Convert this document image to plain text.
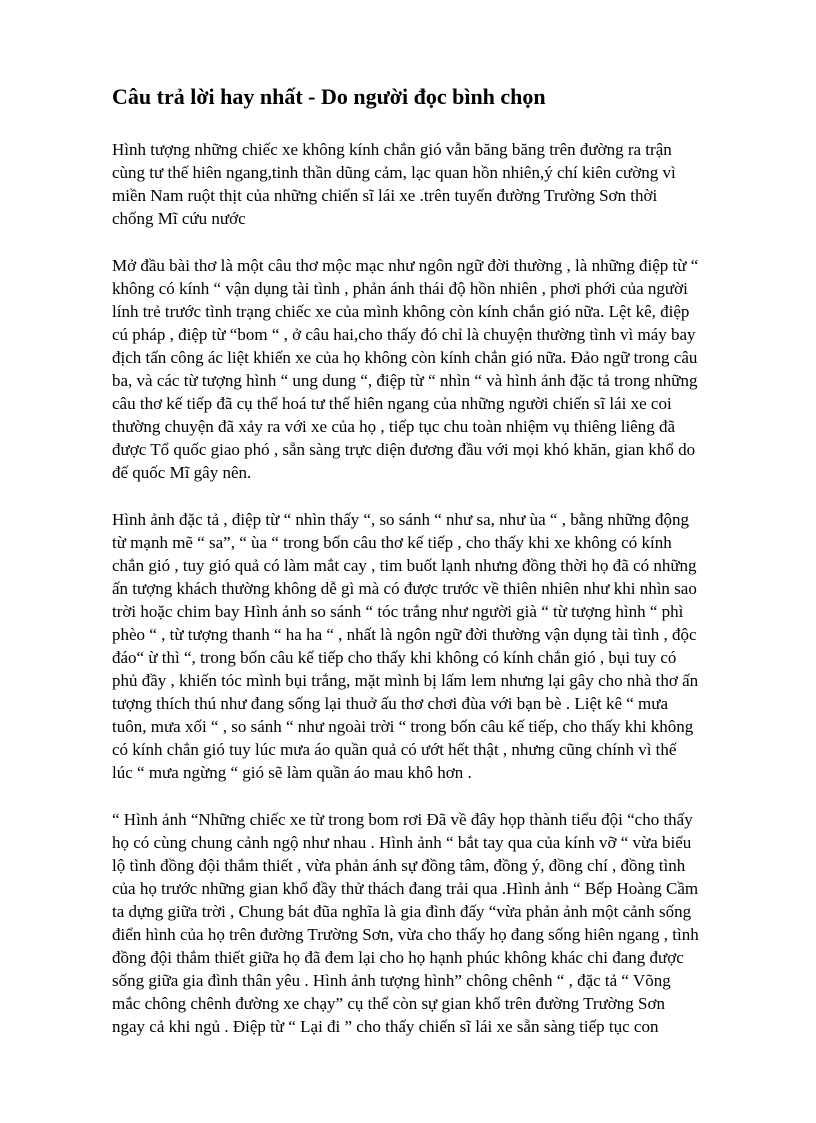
Câu trả lời hay nhất - Do người đọc bình chọn
Hình tượng những chiếc xe không kính chắn gió vẫn băng băng trên đường ra trận
cùng tư thế hiên ngang,tinh thần dũng cảm, lạc quan hồn nhiên,ý chí kiên cường vì
miền Nam ruột thịt của những chiến sĩ lái xe .trên tuyến đường Trường Sơn thời
chống Mĩ cứu nước
Mở đầu bài thơ là một câu thơ mộc mạc như ngôn ngữ đời thường , là những điệp từ “
không có kính “ vận dụng tài tình , phản ánh thái độ hồn nhiên , phơi phới của người
lính trẻ trước tình trạng chiếc xe của mình không còn kính chắn gió nữa. Lệt kê, điệp
cú pháp , điệp từ “bom “ , ở câu hai,cho thấy đó chỉ là chuyện thường tình vì máy bay
địch tấn công ác liệt khiến xe của họ không còn kính chắn gió nữa. Đảo ngữ trong câu
ba, và các từ tượng hình “ ung dung “, điệp từ “ nhìn “ và hình ảnh đặc tả trong những
câu thơ kế tiếp đã cụ thể hoá tư thế hiên ngang của những người chiến sĩ lái xe coi
thường chuyện đã xảy ra với xe của họ , tiếp tục chu toàn nhiệm vụ thiêng liêng đã
được Tổ quốc giao phó , sẵn sàng trực diện đương đầu với mọi khó khăn, gian khổ do
đế quốc Mĩ gây nên.
Hình ảnh đặc tả , điệp từ “ nhìn thấy “, so sánh “ như sa, như ùa “ , bằng những động
từ mạnh mẽ “ sa”, “ ùa “ trong bốn câu thơ kế tiếp , cho thấy khi xe không có kính
chắn gió , tuy gió quả có làm mắt cay , tim buốt lạnh nhưng đồng thời họ đã có những
ấn tượng khách thường không dễ gì mà có được trước về thiên nhiên như khi nhìn sao
trời hoặc chim bay Hình ảnh so sánh “ tóc trắng như người già “ từ tượng hình “ phì
phèo “ , từ tượng thanh “ ha ha “ , nhất là ngôn ngữ đời thường vận dụng tài tình , độc
đáo“ ừ thì “, trong bốn câu kế tiếp cho thấy khi không có kính chắn gió , bụi tuy có
phủ đầy , khiến tóc mình bụi trắng, mặt mình bị lấm lem nhưng lại gây cho nhà thơ ấn
tượng thích thú như đang sống lại thuở ấu thơ chơi đùa với bạn bè . Liệt kê “ mưa
tuôn, mưa xối “ , so sánh “ như ngoài trời “ trong bốn câu kế tiếp, cho thấy khi không
có kính chắn gió tuy lúc mưa áo quần quả có ướt hết thật , nhưng cũng chính vì thế
lúc “ mưa ngừng “ gió sẽ làm quần áo mau khô hơn .
“ Hình ảnh “Những chiếc xe từ trong bom rơi Đã về đây họp thành tiểu đội “cho thấy
họ có cùng chung cảnh ngộ như nhau . Hình ảnh “ bắt tay qua của kính vỡ “ vừa biểu
lộ tình đồng đội thắm thiết , vừa phản ánh sự đồng tâm, đồng ý, đồng chí , đồng tình
của họ trước những gian khổ đầy thử thách đang trải qua .Hình ảnh “ Bếp Hoàng Cầm
ta dựng giữa trời , Chung bát đũa nghĩa là gia đình đấy “vừa phản ảnh một cảnh sống
điển hình của họ trên đường Trường Sơn, vừa cho thấy họ đang sống hiên ngang , tình
đồng đội thắm thiết giữa họ đã đem lại cho họ hạnh phúc không khác chi đang được
sống giữa gia đình thân yêu . Hình ảnh tượng hình” chông chênh “ , đặc tả “ Võng
mắc chông chênh đường xe chạy” cụ thể còn sự gian khổ trên đường Trường Sơn
ngay cả khi ngủ . Điệp từ “ Lại đi ” cho thấy chiến sĩ lái xe sẵn sàng tiếp tục con
